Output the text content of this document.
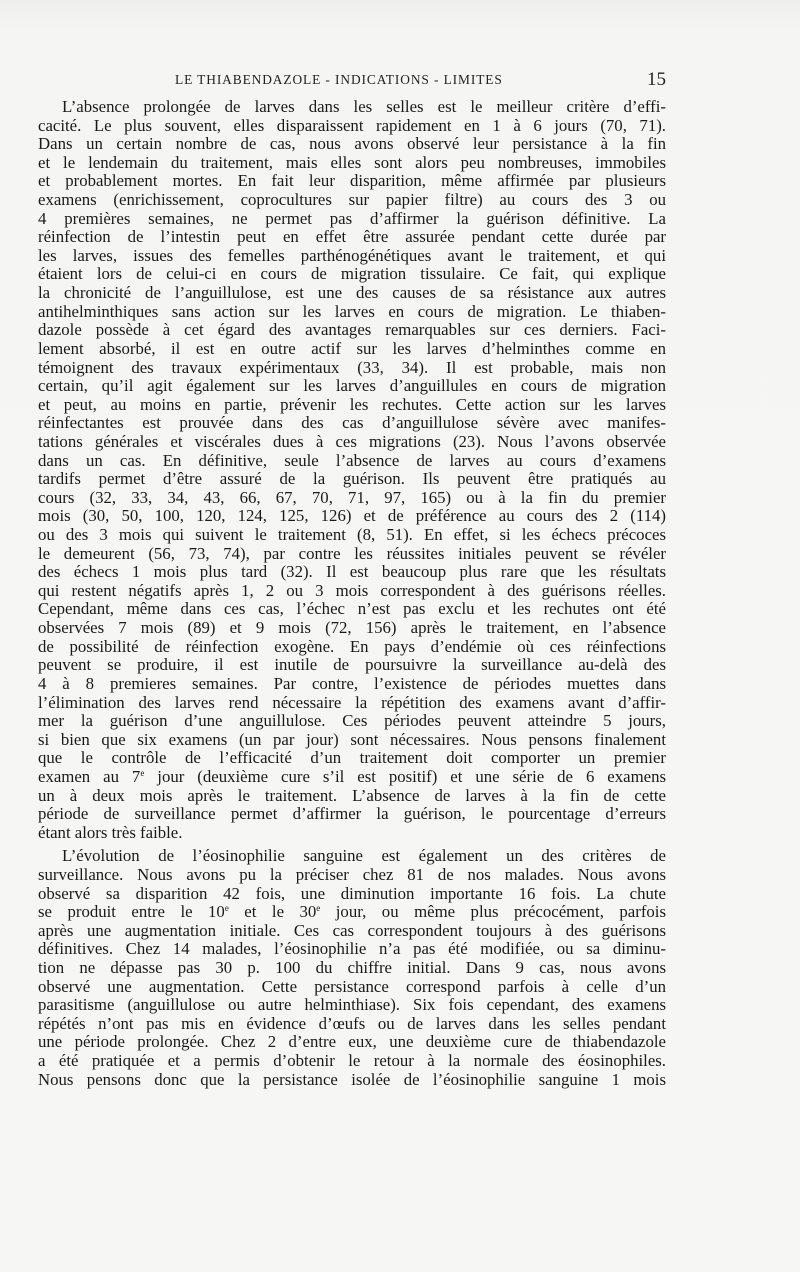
LE THIABENDAZOLE - INDICATIONS - LIMITES	15
L’absence prolongée de larves dans les selles est le meilleur critère d’effi-
cacité. Le plus souvent, elles disparaissent rapidement en 1 à 6 jours (70, 71).
Dans un certain nombre de cas, nous avons observé leur persistance à la fin
et le lendemain du traitement, mais elles sont alors peu nombreuses, immobiles
et probablement mortes. En fait leur disparition, même affirmée par plusieurs
examens (enrichissement, coprocultures sur papier filtre) au cours des 3 ou
4 premières semaines, ne permet pas d’affirmer la guérison définitive. La
réinfection de l’intestin peut en effet être assurée pendant cette durée par
les larves, issues des femelles parthénogénétiques avant le traitement, et qui
étaient lors de celui-ci en cours de migration tissulaire. Ce fait, qui explique
la chronicité de l’anguillulose, est une des causes de sa résistance aux autres
antihelminthiques sans action sur les larves en cours de migration. Le thiaben-
dazole possède à cet égard des avantages remarquables sur ces derniers. Faci-
lement absorbé, il est en outre actif sur les larves d’helminthes comme en
témoignent des travaux expérimentaux (33, 34). Il est probable, mais non
certain, qu’il agit également sur les larves d’anguillules en cours de migration
et peut, au moins en partie, prévenir les rechutes. Cette action sur les larves
réinfectantes est prouvée dans des cas d’anguillulose sévère avec manifes-
tations générales et viscérales dues à ces migrations (23). Nous l’avons observée
dans un cas. En définitive, seule l’absence de larves au cours d’examens
tardifs permet d’être assuré de la guérison. Ils peuvent être pratiqués au
cours (32, 33, 34, 43, 66, 67, 70, 71, 97, 165) ou à la fin du premier
mois (30, 50, 100, 120, 124, 125, 126) et de préférence au cours des 2 (114)
ou des 3 mois qui suivent le traitement (8, 51). En effet, si les échecs précoces
le demeurent (56, 73, 74), par contre les réussites initiales peuvent se révéler
des échecs 1 mois plus tard (32). Il est beaucoup plus rare que les résultats
qui restent négatifs après 1, 2 ou 3 mois correspondent à des guérisons réelles.
Cependant, même dans ces cas, l’échec n’est pas exclu et les rechutes ont été
observées 7 mois (89) et 9 mois (72, 156) après le traitement, en l’absence
de possibilité de réinfection exogène. En pays d’endémie où ces réinfections
peuvent se produire, il est inutile de poursuivre la surveillance au-delà des
4 à 8 premieres semaines. Par contre, l’existence de périodes muettes dans
l’élimination des larves rend nécessaire la répétition des examens avant d’affir-
mer la guérison d’une anguillulose. Ces périodes peuvent atteindre 5 jours,
si bien que six examens (un par jour) sont nécessaires. Nous pensons finalement
que le contrôle de l’efficacité d’un traitement doit comporter un premier
examen au 7e jour (deuxième cure s’il est positif) et une série de 6 examens
un à deux mois après le traitement. L’absence de larves à la fin de cette
période de surveillance permet d’affirmer la guérison, le pourcentage d’erreurs
étant alors très faible.
L’évolution de l’éosinophilie sanguine est également un des critères de
surveillance. Nous avons pu la préciser chez 81 de nos malades. Nous avons
observé sa disparition 42 fois, une diminution importante 16 fois. La chute
se produit entre le 10e et le 30e jour, ou même plus précocément, parfois
après une augmentation initiale. Ces cas correspondent toujours à des guérisons
définitives. Chez 14 malades, l’éosinophilie n’a pas été modifiée, ou sa diminu-
tion ne dépasse pas 30 p. 100 du chiffre initial. Dans 9 cas, nous avons
observé une augmentation. Cette persistance correspond parfois à celle d’un
parasitisme (anguillulose ou autre helminthiase). Six fois cependant, des examens
répétés n’ont pas mis en évidence d’œufs ou de larves dans les selles pendant
une période prolongée. Chez 2 d’entre eux, une deuxième cure de thiabendazole
a été pratiquée et a permis d’obtenir le retour à la normale des éosinophiles.
Nous pensons donc que la persistance isolée de l’éosinophilie sanguine 1 mois
